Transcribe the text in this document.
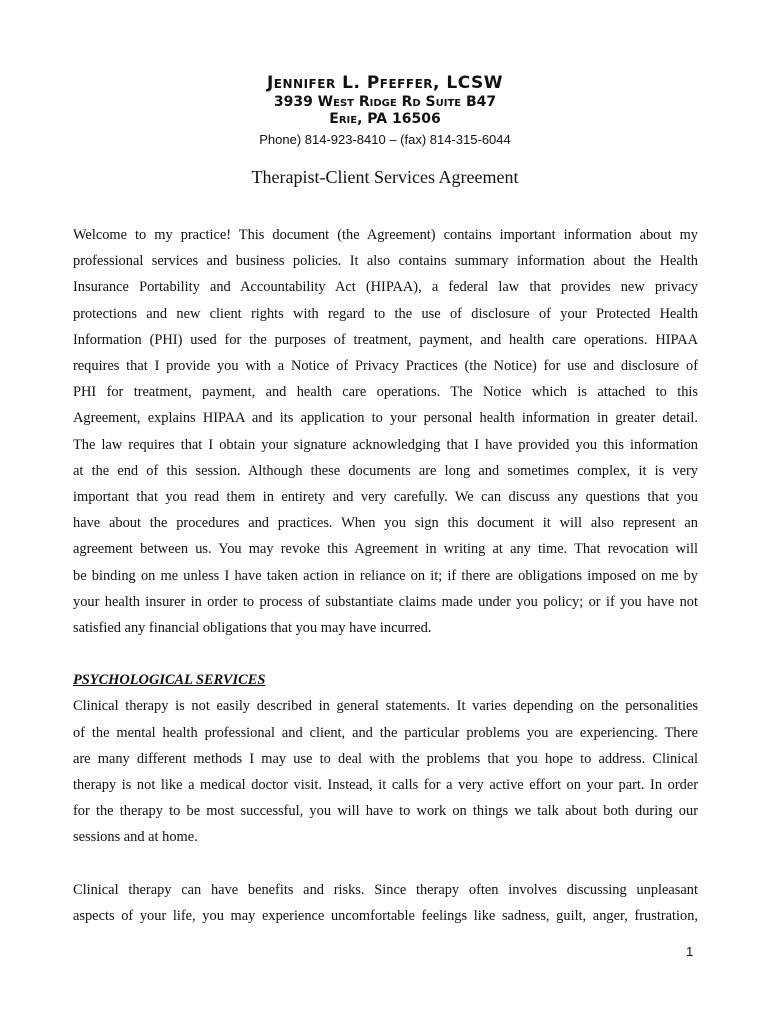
Jennifer L. Pfeffer, LCSW
3939 West Ridge Rd Suite B47
Erie, PA 16506
Phone) 814-923-8410 – (fax) 814-315-6044
Therapist-Client Services Agreement

Welcome to my practice! This document (the Agreement) contains important information about my

professional services and business policies. It also contains summary information about the Health

Insurance Portability and Accountability Act (HIPAA), a federal law that provides new privacy

protections and new client rights with regard to the use of disclosure of your Protected Health

Information (PHI) used for the purposes of treatment, payment, and health care operations. HIPAA

requires that I provide you with a Notice of Privacy Practices (the Notice) for use and disclosure of

PHI for treatment, payment, and health care operations. The Notice which is attached to this

Agreement, explains HIPAA and its application to your personal health information in greater detail.

The law requires that I obtain your signature acknowledging that I have provided you this information

at the end of this session. Although these documents are long and sometimes complex, it is very

important that you read them in entirety and very carefully. We can discuss any questions that you

have about the procedures and practices. When you sign this document it will also represent an

agreement between us. You may revoke this Agreement in writing at any time. That revocation will

be binding on me unless I have taken action in reliance on it; if there are obligations imposed on me by

your health insurer in order to process of substantiate claims made under you policy; or if you have not

satisfied any financial obligations that you may have incurred.

PSYCHOLOGICAL SERVICES

Clinical therapy is not easily described in general statements. It varies depending on the personalities

of the mental health professional and client, and the particular problems you are experiencing. There

are many different methods I may use to deal with the problems that you hope to address. Clinical

therapy is not like a medical doctor visit. Instead, it calls for a very active effort on your part. In order

for the therapy to be most successful, you will have to work on things we talk about both during our

sessions and at home.

Clinical therapy can have benefits and risks. Since therapy often involves discussing unpleasant

aspects of your life, you may experience uncomfortable feelings like sadness, guilt, anger, frustration,

1
